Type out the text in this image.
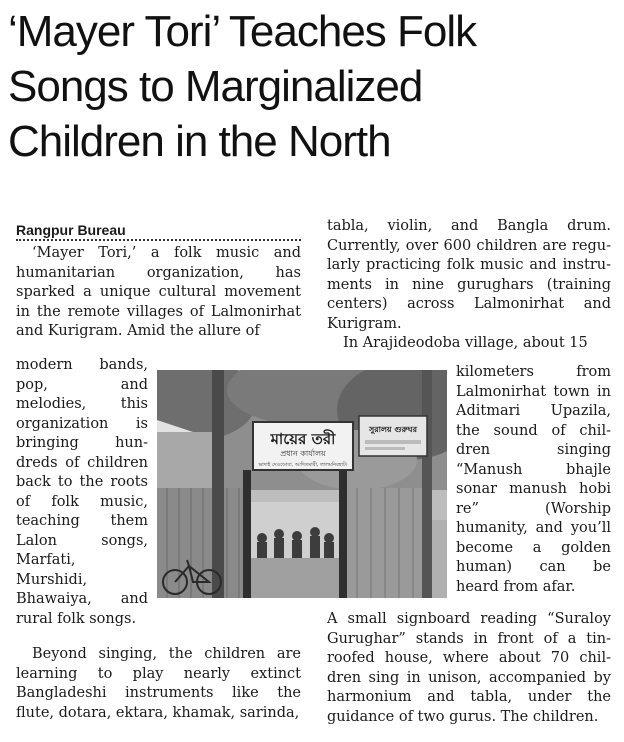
‘Mayer Tori’ Teaches Folk
Songs to Marginalized
Children in the North
Rangpur Bureau

‘Mayer Tori,’ a folk music and humanitarian organization, has sparked a unique cultural movement in the remote villages of Lalmonirhat and Kurigram. Amid the allure of

modern bands, pop, and melodies, this organization is bringing hundreds of children back to the roots of folk music, teaching them Lalon songs, Marfati, Murshidi, Bhawaiya, and rural folk songs.

Beyond singing, the children are learning to play nearly extinct Bangladeshi instruments like the flute, dotara, ektara, khamak, sarinda,

tabla, violin, and Bangla drum. Currently, over 600 children are regularly practicing folk music and instruments in nine gurughars (training centers) across Lalmonirhat and Kurigram.

In Arajideodoba village, about 15

kilometers from Lalmonirhat town in Aditmari Upazila, the sound of children singing “Manush bhajle sonar manush hobi re” (Worship humanity, and you’ll become a golden human) can be heard from afar.

A small signboard reading “Suraloy Gurughar” stands in front of a tin-roofed house, where about 70 children sing in unison, accompanied by harmonium and tabla, under the guidance of two gurus. The children.

মায়ের তরী
প্রধান কার্যালয়
ভাদাই দেওডোবা, আদিতমারী, লালমনিরহাট।
সুরালয় গুরুঘর
